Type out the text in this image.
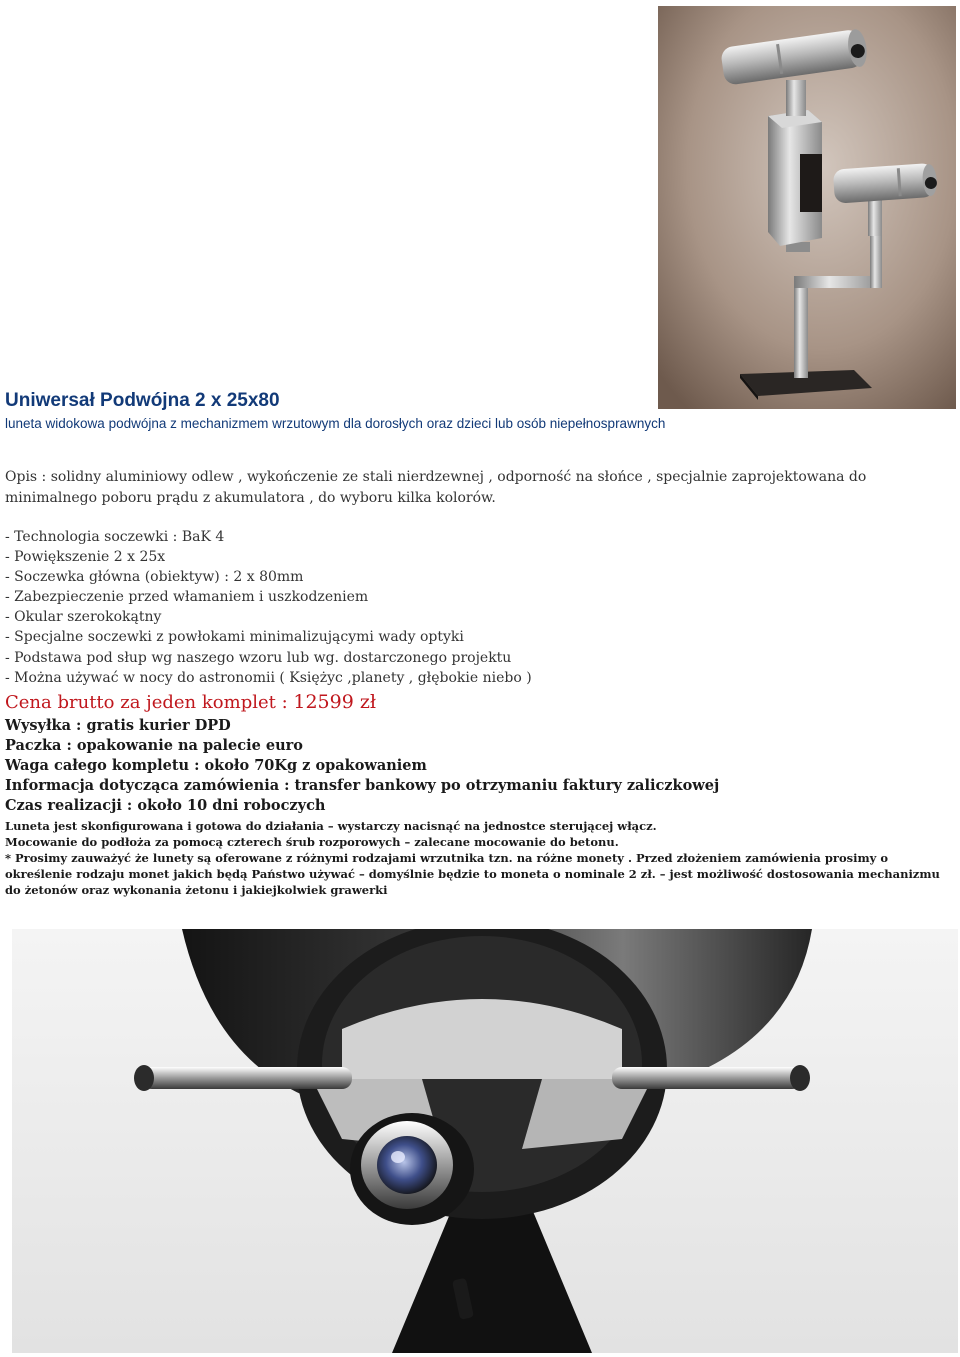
Uniwersał Podwójna 2 x 25x80
luneta widokowa podwójna z mechanizmem wrzutowym dla dorosłych oraz dzieci lub osób niepełnosprawnych
Opis : solidny aluminiowy odlew , wykończenie ze stali nierdzewnej , odporność na słońce , specjalnie zaprojektowana do minimalnego poboru prądu z akumulatora , do wyboru kilka kolorów.
- Technologia soczewki : BaK 4
- Powiększenie 2 x 25x
- Soczewka główna (obiektyw) : 2 x 80mm
- Zabezpieczenie przed włamaniem i uszkodzeniem
- Okular szerokokątny
- Specjalne soczewki z powłokami minimalizującymi wady optyki
- Podstawa pod słup wg naszego wzoru lub wg. dostarczonego projektu
- Można używać w nocy do astronomii ( Księżyc ,planety , głębokie niebo )
Cena brutto za jeden komplet : 12599 zł
Wysyłka : gratis kurier DPD
Paczka : opakowanie na palecie euro
Waga całego kompletu : około 70Kg z opakowaniem
Informacja dotycząca zamówienia : transfer bankowy po otrzymaniu faktury zaliczkowej
Czas realizacji : około 10 dni roboczych
Luneta jest skonfigurowana i gotowa do działania – wystarczy nacisnąć na jednostce sterującej włącz.
Mocowanie do podłoża za pomocą czterech śrub rozporowych – zalecane mocowanie do betonu.
* Prosimy zauważyć że lunety są oferowane z różnymi rodzajami wrzutnika tzn. na różne monety . Przed złożeniem zamówienia prosimy o określenie rodzaju monet jakich będą Państwo używać – domyślnie będzie to moneta o nominale 2 zł. – jest możliwość dostosowania mechanizmu do żetonów oraz wykonania żetonu i jakiejkolwiek grawerki
